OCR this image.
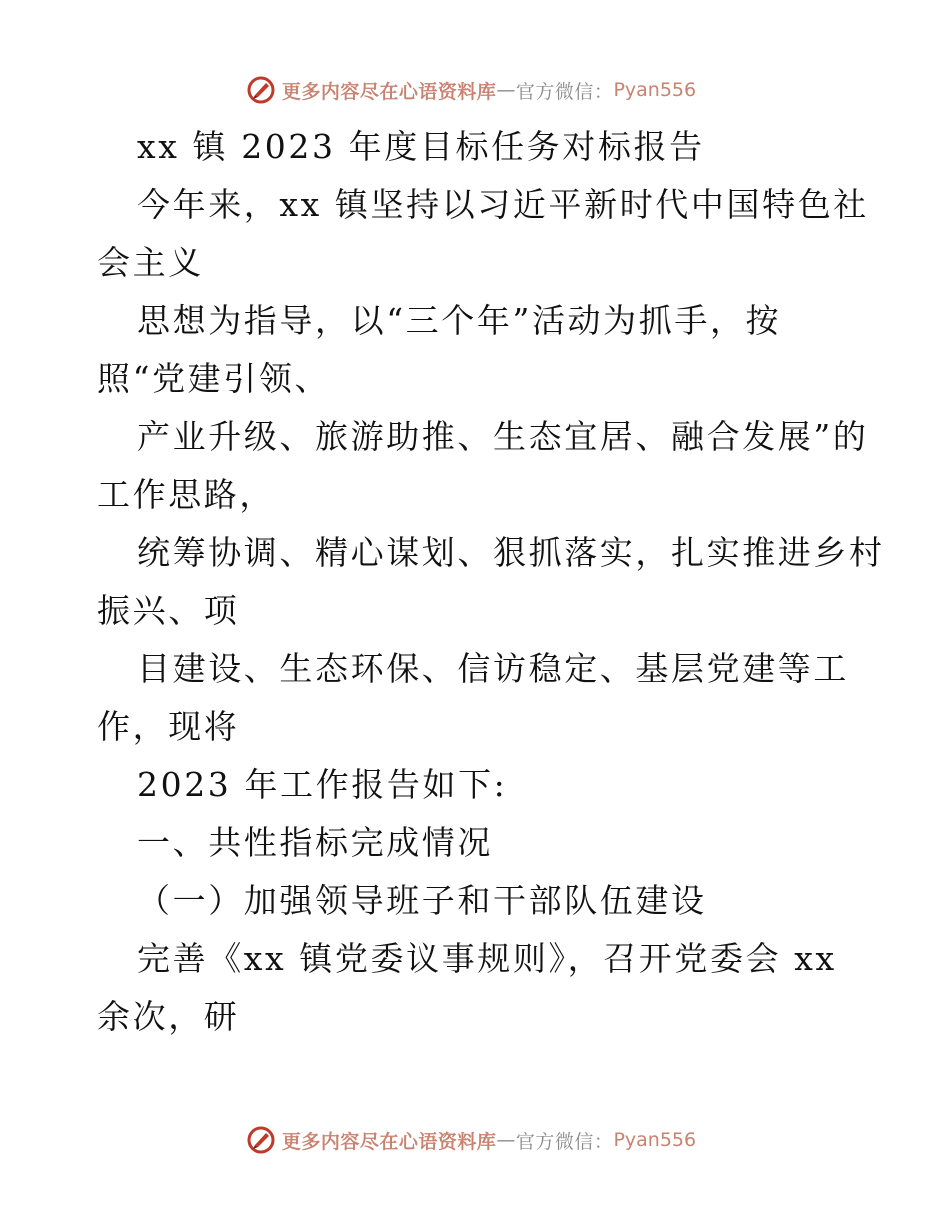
更多内容尽在心语资料库 — 官方微信： Pyan556
xx 镇 2023 年度目标任务对标报告
今年来，xx 镇坚持以习近平新时代中国特色社
会主义
思想为指导，以“三个年”活动为抓手，按
照“党建引领、
产业升级、旅游助推、生态宜居、融合发展”的
工作思路，
统筹协调、精心谋划、狠抓落实，扎实推进乡村
振兴、项
目建设、生态环保、信访稳定、基层党建等工
作，现将
2023 年工作报告如下:
一、共性指标完成情况
（一）加强领导班子和干部队伍建设
完善《xx 镇党委议事规则》，召开党委会 xx
余次，研
更多内容尽在心语资料库 — 官方微信： Pyan556
